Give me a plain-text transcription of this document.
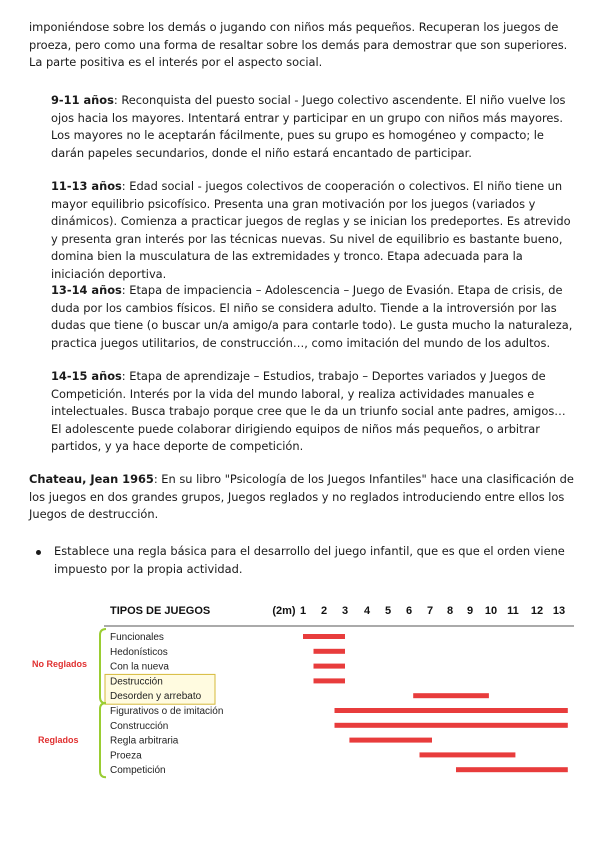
imponiéndose sobre los demás o jugando con niños más pequeños. Recuperan los juegos de proeza, pero como una forma de resaltar sobre los demás para demostrar que son superiores. La parte positiva es el interés por el aspecto social.

9-11 años: Reconquista del puesto social - Juego colectivo ascendente. El niño vuelve los ojos hacia los mayores. Intentará entrar y participar en un grupo con niños más mayores. Los mayores no le aceptarán fácilmente, pues su grupo es homogéneo y compacto; le darán papeles secundarios, donde el niño estará encantado de participar.

11-13 años: Edad social - juegos colectivos de cooperación o colectivos. El niño tiene un mayor equilibrio psicofísico. Presenta una gran motivación por los juegos (variados y dinámicos). Comienza a practicar juegos de reglas y se inician los predeportes. Es atrevido y presenta gran interés por las técnicas nuevas. Su nivel de equilibrio es bastante bueno, domina bien la musculatura de las extremidades y tronco. Etapa adecuada para la iniciación deportiva.

13-14 años: Etapa de impaciencia – Adolescencia – Juego de Evasión. Etapa de crisis, de duda por los cambios físicos. El niño se considera adulto. Tiende a la introversión por las dudas que tiene (o buscar un/a amigo/a para contarle todo). Le gusta mucho la naturaleza, practica juegos utilitarios, de construcción…, como imitación del mundo de los adultos.

14-15 años: Etapa de aprendizaje – Estudios, trabajo – Deportes variados y Juegos de Competición. Interés por la vida del mundo laboral, y realiza actividades manuales e intelectuales. Busca trabajo porque cree que le da un triunfo social ante padres, amigos… El adolescente puede colaborar dirigiendo equipos de niños más pequeños, o arbitrar partidos, y ya hace deporte de competición.

Chateau, Jean 1965: En su libro "Psicología de los Juegos Infantiles" hace una clasificación de los juegos en dos grandes grupos, Juegos reglados y no reglados introduciendo entre ellos los Juegos de destrucción.

Establece una regla básica para el desarrollo del juego infantil, que es que el orden viene impuesto por la propia actividad.

TIPOS DE JUEGOS	(2m) 1 2 3 4 5 6 7 8 9 10 11 12 13
No Reglados
Reglados
Funcionales
Hedonísticos
Con la nueva
Destrucción
Desorden y arrebato
Figurativos o de imitación
Construcción
Regla arbitraria
Proeza
Competición
